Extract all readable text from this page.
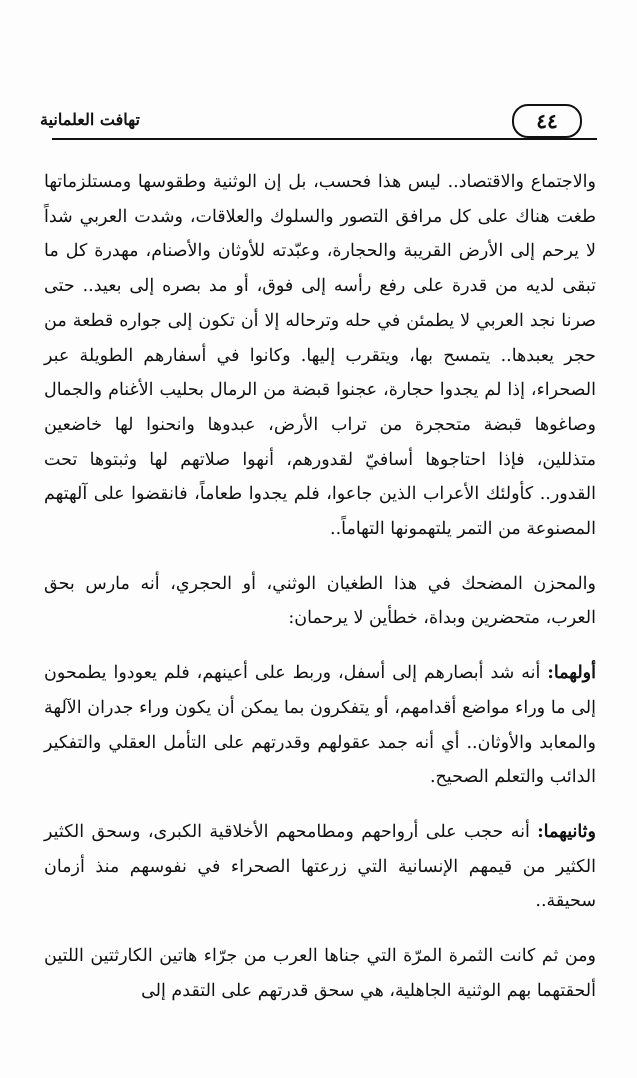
٤٤
تهافت العلمانية

والاجتماع والاقتصاد.. ليس هذا فحسب، بل إن الوثنية وطقوسها ومستلزماتها طغت هناك على كل مرافق التصور والسلوك والعلاقات، وشدت العربي شداً لا يرحم إلى الأرض القريبة والحجارة، وعبّدته للأوثان والأصنام، مهدرة كل ما تبقى لديه من قدرة على رفع رأسه إلى فوق، أو مد بصره إلى بعيد.. حتى صرنا نجد العربي لا يطمئن في حله وترحاله إلا أن تكون إلى جواره قطعة من حجر يعبدها.. يتمسح بها، ويتقرب إليها. وكانوا في أسفارهم الطويلة عبر الصحراء، إذا لم يجدوا حجارة، عجنوا قبضة من الرمال بحليب الأغنام والجمال وصاغوها قبضة متحجرة من تراب الأرض، عبدوها وانحنوا لها خاضعين متذللين، فإذا احتاجوها أسافيّ لقدورهم، أنهوا صلاتهم لها وثبتوها تحت القدور.. كأولئك الأعراب الذين جاعوا، فلم يجدوا طعاماً، فانقضوا على آلهتهم المصنوعة من التمر يلتهمونها التهاماً..

والمحزن المضحك في هذا الطغيان الوثني، أو الحجري، أنه مارس بحق العرب، متحضرين وبداة، خطأين لا يرحمان:

أولهما: أنه شد أبصارهم إلى أسفل، وربط على أعينهم، فلم يعودوا يطمحون إلى ما وراء مواضع أقدامهم، أو يتفكرون بما يمكن أن يكون وراء جدران الآلهة والمعابد والأوثان.. أي أنه جمد عقولهم وقدرتهم على التأمل العقلي والتفكير الدائب والتعلم الصحيح.

وثانيهما: أنه حجب على أرواحهم ومطامحهم الأخلاقية الكبرى، وسحق الكثير الكثير من قيمهم الإنسانية التي زرعتها الصحراء في نفوسهم منذ أزمان سحيقة..

ومن ثم كانت الثمرة المرّة التي جناها العرب من جرّاء هاتين الكارثتين اللتين ألحقتهما بهم الوثنية الجاهلية، هي سحق قدرتهم على التقدم إلى
